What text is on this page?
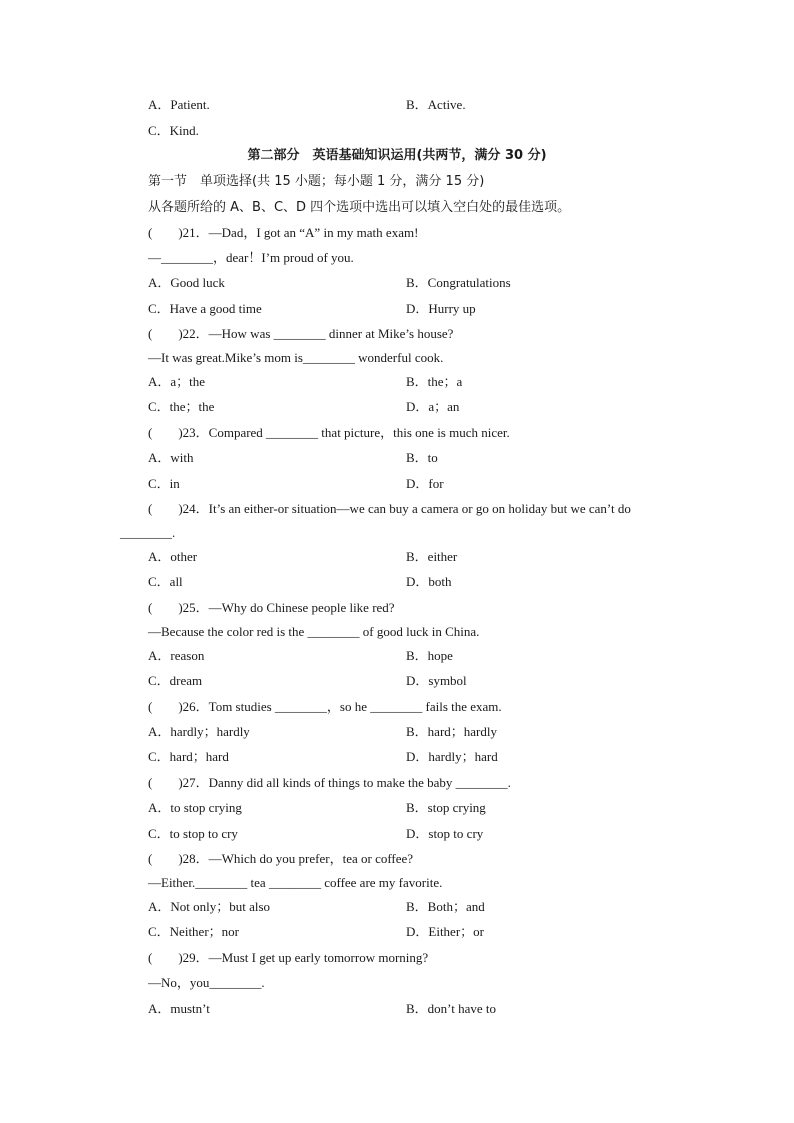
A．Patient.	B．Active.
C．Kind.
第二部分　英语基础知识运用(共两节，满分 30 分)
第一节　单项选择(共 15 小题；每小题 1 分，满分 15 分)
从各题所给的 A、B、C、D 四个选项中选出可以填入空白处的最佳选项。
(　　)21．—Dad，I got an “A” in my math exam!
—________，dear！I’m proud of you.
A．Good luck	B．Congratulations
C．Have a good time	D．Hurry up
(　　)22．—How was ________ dinner at Mike’s house?
—It was great.Mike’s mom is________ wonderful cook.
A．a；the	B．the；a
C．the；the	D．a；an
(　　)23．Compared ________ that picture，this one is much nicer.
A．with	B．to
C．in	D．for
(　　)24．It’s an either-or situation—we can buy a camera or go on holiday but we can’t do
________.
A．other	B．either
C．all	D．both
(　　)25．—Why do Chinese people like red?
—Because the color red is the ________ of good luck in China.
A．reason	B．hope
C．dream	D．symbol
(　　)26．Tom studies ________，so he ________ fails the exam.
A．hardly；hardly	B．hard；hardly
C．hard；hard	D．hardly；hard
(　　)27．Danny did all kinds of things to make the baby ________.
A．to stop crying	B．stop crying
C．to stop to cry	D．stop to cry
(　　)28．—Which do you prefer，tea or coffee?
—Either.________ tea ________ coffee are my favorite.
A．Not only；but also	B．Both；and
C．Neither；nor	D．Either；or
(　　)29．—Must I get up early tomorrow morning?
—No，you________.
A．mustn’t	B．don’t have to
